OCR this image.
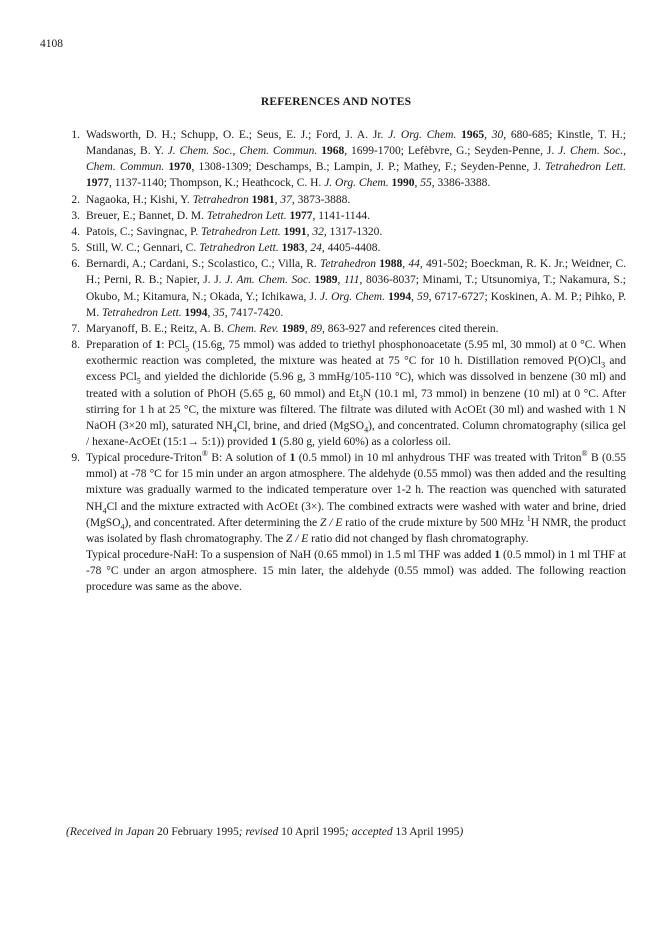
4108
REFERENCES AND NOTES
1 . Wadsworth, D. H.; Schupp, O. E.; Seus, E. J.; Ford, J. A. Jr. J. Org. Chem. 1965, 30, 680-685; Kinstle, T. H.; Mandanas, B. Y. J. Chem. Soc., Chem. Commun. 1968, 1699-1700; Lefèbvre, G.; Seyden-Penne, J. J. Chem. Soc., Chem. Commun. 1970, 1308-1309; Deschamps, B.; Lampin, J. P.; Mathey, F.; Seyden-Penne, J. Tetrahedron Lett. 1977, 1137-1140; Thompson, K.; Heathcock, C. H. J. Org. Chem. 1990, 55, 3386-3388.
2 . Nagaoka, H.; Kishi, Y. Tetrahedron 1981, 37, 3873-3888.
3 . Breuer, E.; Bannet, D. M. Tetrahedron Lett. 1977, 1141-1144.
4 . Patois, C.; Savingnac, P. Tetrahedron Lett. 1991, 32, 1317-1320.
5 . Still, W. C.; Gennari, C. Tetrahedron Lett. 1983, 24, 4405-4408.
6 . Bernardi, A.; Cardani, S.; Scolastico, C.; Villa, R. Tetrahedron 1988, 44, 491-502; Boeckman, R. K. Jr.; Weidner, C. H.; Perni, R. B.; Napier, J. J. J. Am. Chem. Soc. 1989, 111, 8036-8037; Minami, T.; Utsunomiya, T.; Nakamura, S.; Okubo, M.; Kitamura, N.; Okada, Y.; Ichikawa, J. J. Org. Chem. 1994, 59, 6717-6727; Koskinen, A. M. P.; Pihko, P. M. Tetrahedron Lett. 1994, 35, 7417-7420.
7 . Maryanoff, B. E.; Reitz, A. B. Chem. Rev. 1989, 89, 863-927 and references cited therein.
8 . Preparation of 1: PCl$_5$ (15.6g, 75 mmol) was added to triethyl phosphonoacetate (5.95 ml, 30 mmol) at 0 °C. When exothermic reaction was completed, the mixture was heated at 75 °C for 10 h. Distillation removed $P(O)Cl_3$ and excess PCl$_5$ and yielded the dichloride (5.96 g, 3 mmHg/105-110 °C), which was dissolved in benzene (30 ml) and treated with a solution of PhOH (5.65 g, 60 mmol) and $Et_3N$ (10.1 ml, 73 mmol) in benzene (10 ml) at 0 °C. After stirring for 1 h at 25 °C, the mixture was filtered. The filtrate was diluted with AcOEt (30 ml) and washed with 1 N NaOH (3×20 ml), saturated $NH_4Cl$, brine, and dried (MgSO$_4$), and concentrated. Column chromatography (silica gel / hexane-AcOEt (15:1→ 5:1)) provided 1 (5.80 g, yield 60%) as a colorless oil.
9 . Typical procedure-Triton® B: A solution of 1 (0.5 mmol) in 10 ml anhydrous THF was treated with Triton® B (0.55 mmol) at -78 °C for 15 min under an argon atmosphere. The aldehyde (0.55 mmol) was then added and the resulting mixture was gradually warmed to the indicated temperature over 1-2 h. The reaction was quenched with saturated $NH_4Cl$ and the mixture extracted with AcOEt (3×). The combined extracts were washed with water and brine, dried (MgSO$_4$), and concentrated. After determining the Z / E ratio of the crude mixture by 500 MHz $^1$H NMR, the product was isolated by flash chromatography. The Z / E ratio did not changed by flash chromatography.
Typical procedure-NaH: To a suspension of NaH (0.65 mmol) in 1.5 ml THF was added 1 (0.5 mmol) in 1 ml THF at -78 °C under an argon atmosphere. 15 min later, the aldehyde (0.55 mmol) was added. The following reaction procedure was same as the above.
(Received in Japan 20 February 1995; revised 10 April 1995; accepted 13 April 1995)
